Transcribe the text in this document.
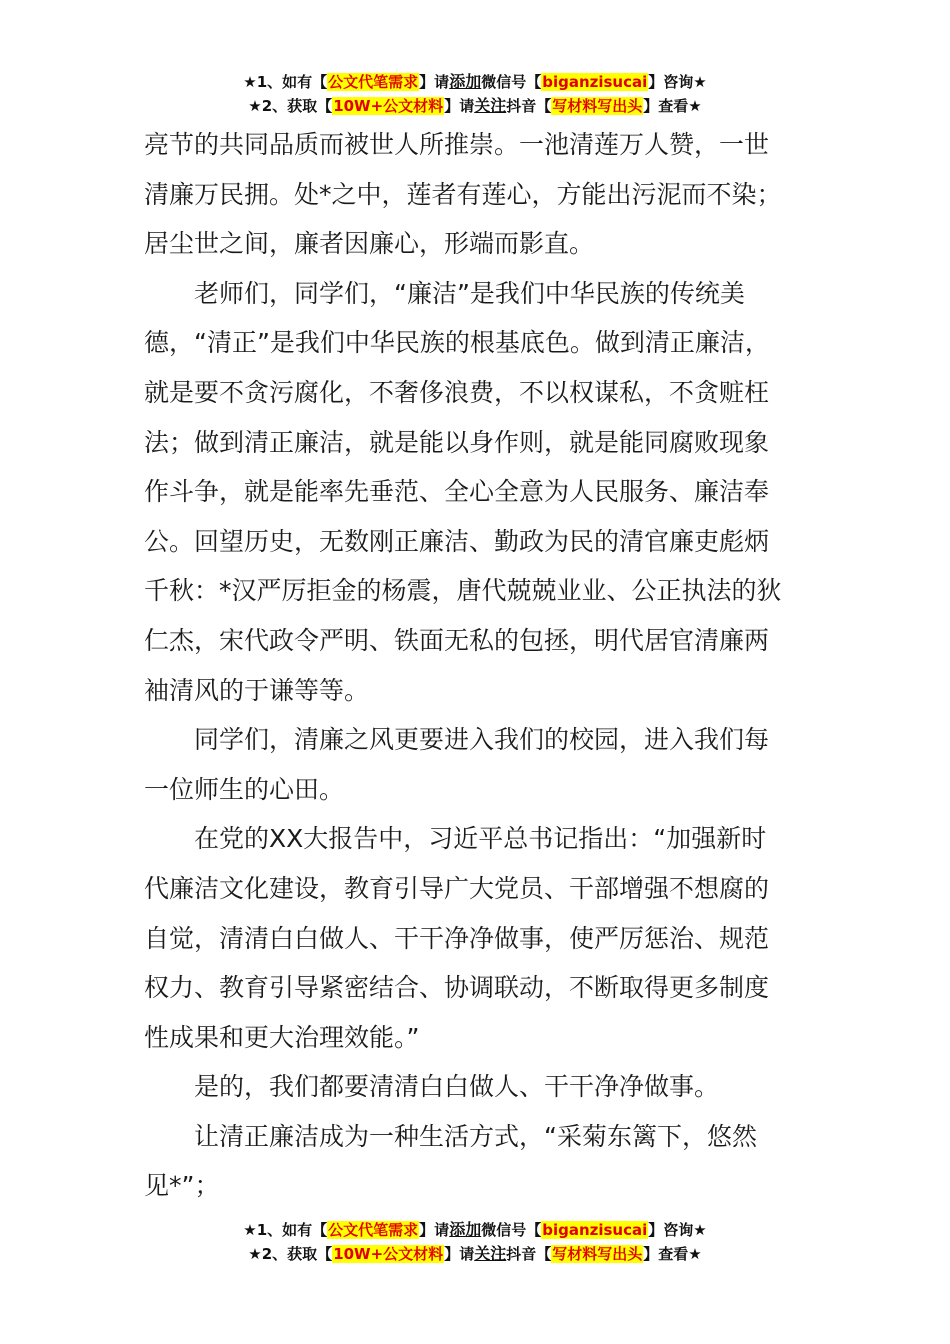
★1、如有【公文代笔需求】请添加微信号【biganzisucai】咨询★
★2、获取【10W+公文材料】请关注抖音【写材料写出头】查看★
亮节的共同品质而被世人所推崇。一池清莲万人赞，一世
清廉万民拥。处*之中，莲者有莲心，方能出污泥而不染；
居尘世之间，廉者因廉心，形端而影直。
老师们，同学们，“廉洁”是我们中华民族的传统美
德，“清正”是我们中华民族的根基底色。做到清正廉洁，
就是要不贪污腐化，不奢侈浪费，不以权谋私，不贪赃枉
法；做到清正廉洁，就是能以身作则，就是能同腐败现象
作斗争，就是能率先垂范、全心全意为人民服务、廉洁奉
公。回望历史，无数刚正廉洁、勤政为民的清官廉吏彪炳
千秋：*汉严厉拒金的杨震，唐代兢兢业业、公正执法的狄
仁杰，宋代政令严明、铁面无私的包拯，明代居官清廉两
袖清风的于谦等等。
同学们，清廉之风更要进入我们的校园，进入我们每
一位师生的心田。
在党的XX大报告中，习近平总书记指出：“加强新时
代廉洁文化建设，教育引导广大党员、干部增强不想腐的
自觉，清清白白做人、干干净净做事，使严厉惩治、规范
权力、教育引导紧密结合、协调联动，不断取得更多制度
性成果和更大治理效能。”
是的，我们都要清清白白做人、干干净净做事。
让清正廉洁成为一种生活方式，“采菊东篱下，悠然
见*”；
★1、如有【公文代笔需求】请添加微信号【biganzisucai】咨询★
★2、获取【10W+公文材料】请关注抖音【写材料写出头】查看★
